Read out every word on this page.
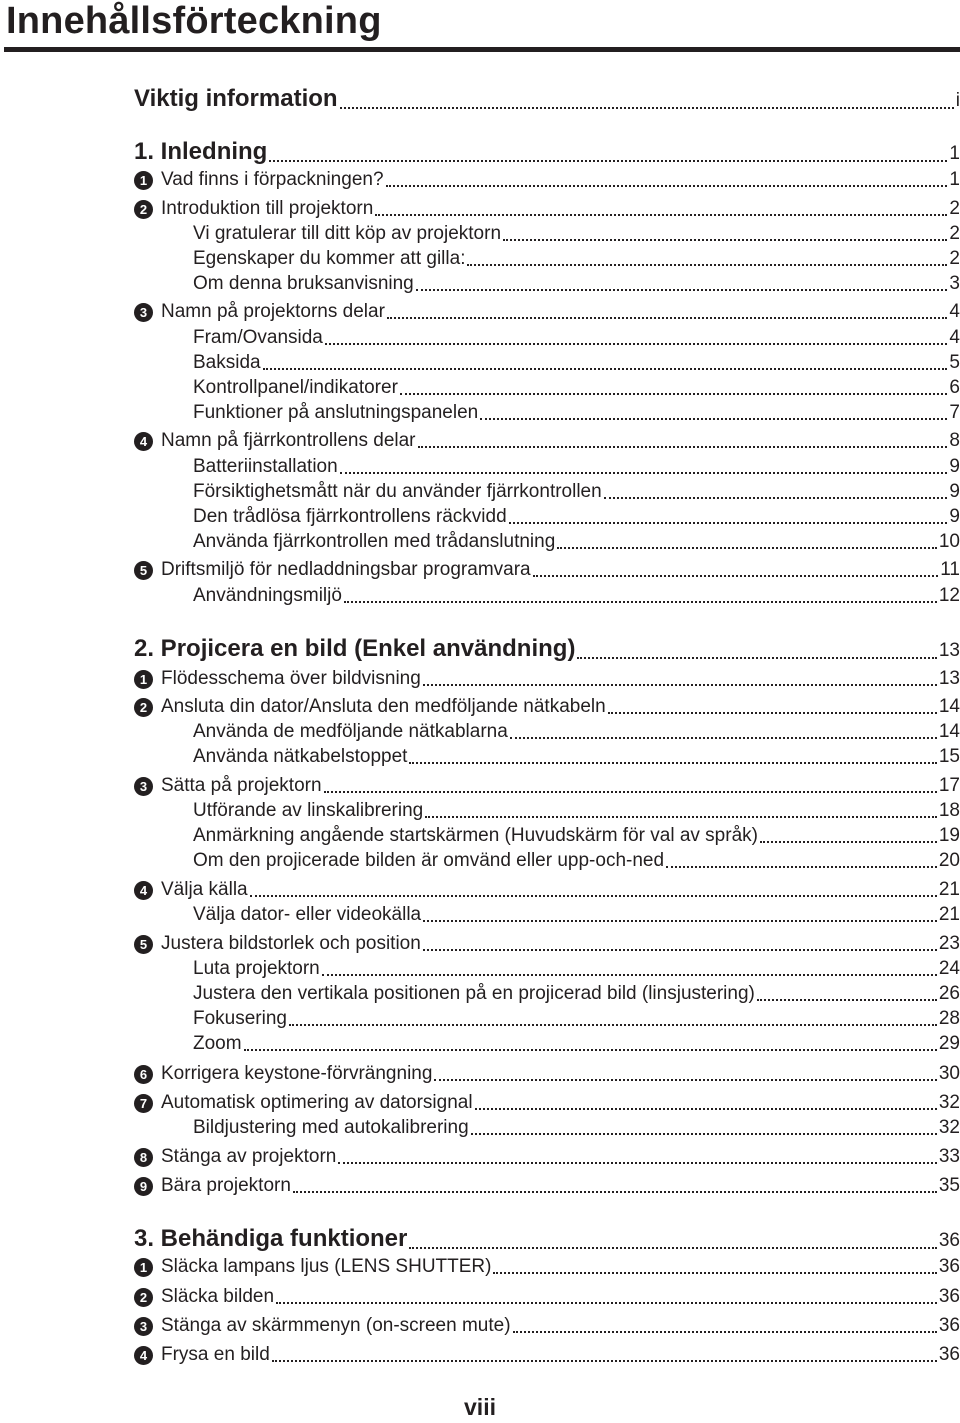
Innehållsförteckning
Viktig information	i
1. Inledning	1
1 Vad finns i förpackningen?	1
2 Introduktion till projektorn	2
Vi gratulerar till ditt köp av projektorn	2
Egenskaper du kommer att gilla:	2
Om denna bruksanvisning	3
3 Namn på projektorns delar	4
Fram/Ovansida	4
Baksida	5
Kontrollpanel/indikatorer	6
Funktioner på anslutningspanelen	7
4 Namn på fjärrkontrollens delar	8
Batteriinstallation	9
Försiktighetsmått när du använder fjärrkontrollen	9
Den trådlösa fjärrkontrollens räckvidd	9
Använda fjärrkontrollen med trådanslutning	10
5 Driftsmiljö för nedladdningsbar programvara	11
Användningsmiljö	12
2. Projicera en bild (Enkel användning)	13
1 Flödesschema över bildvisning	13
2 Ansluta din dator/Ansluta den medföljande nätkabeln	14
Använda de medföljande nätkablarna	14
Använda nätkabelstoppet	15
3 Sätta på projektorn	17
Utförande av linskalibrering	18
Anmärkning angående startskärmen (Huvudskärm för val av språk)	19
Om den projicerade bilden är omvänd eller upp-och-ned	20
4 Välja källa	21
Välja dator- eller videokälla	21
5 Justera bildstorlek och position	23
Luta projektorn	24
Justera den vertikala positionen på en projicerad bild (linsjustering)	26
Fokusering	28
Zoom	29
6 Korrigera keystone-förvrängning	30
7 Automatisk optimering av datorsignal	32
Bildjustering med autokalibrering	32
8 Stänga av projektorn	33
9 Bära projektorn	35
3. Behändiga funktioner	36
1 Släcka lampans ljus (LENS SHUTTER)	36
2 Släcka bilden	36
3 Stänga av skärmmenyn (on-screen mute)	36
4 Frysa en bild	36
viii
